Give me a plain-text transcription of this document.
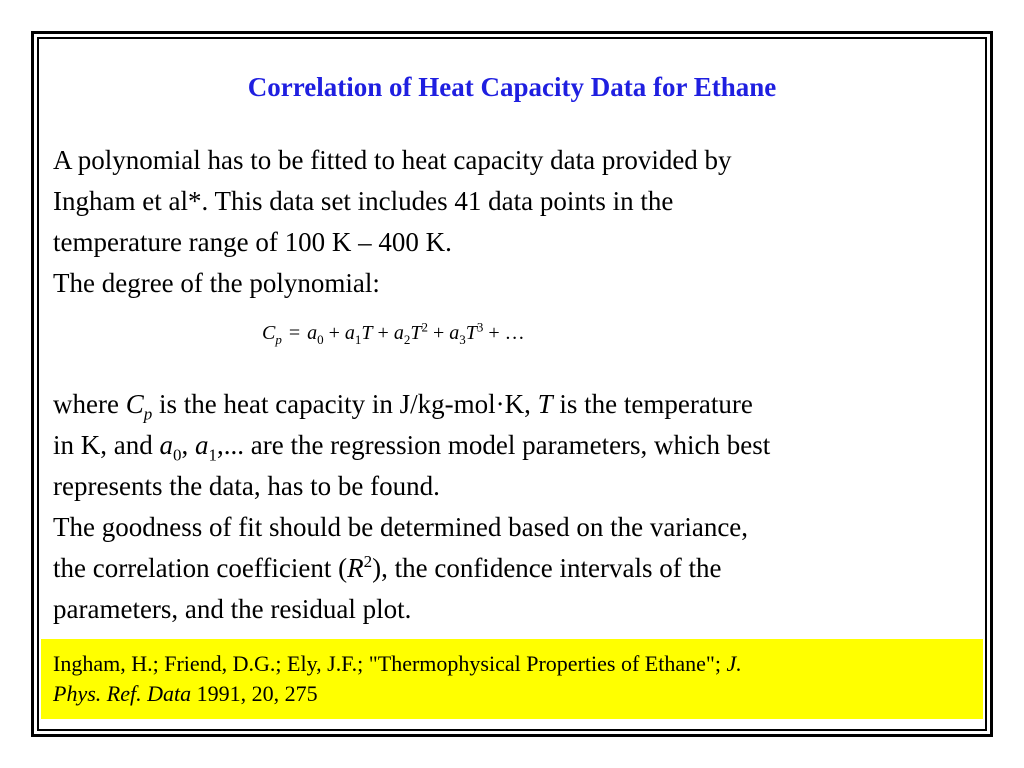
Correlation of Heat Capacity Data for Ethane
A polynomial has to be fitted to heat capacity data provided by
Ingham et al*. This data set includes 41 data points in the
temperature range of 100 K – 400 K.
The degree of the polynomial:
$C_p = a_0 + a_1T + a_2T^2 + a_3T^3$ + …
where $C_p$ is the heat capacity in J/kg-mol·K, T is the temperature
in K, and $a_0$, $a_1$,... are the regression model parameters, which best
represents the data, has to be found.
The goodness of fit should be determined based on the variance,
the correlation coefficient $(R^2)$, the confidence intervals of the
parameters, and the residual plot.
Ingham, H.; Friend, D.G.; Ely, J.F.; "Thermophysical Properties of Ethane"; J.
Phys. Ref. Data 1991, 20, 275
